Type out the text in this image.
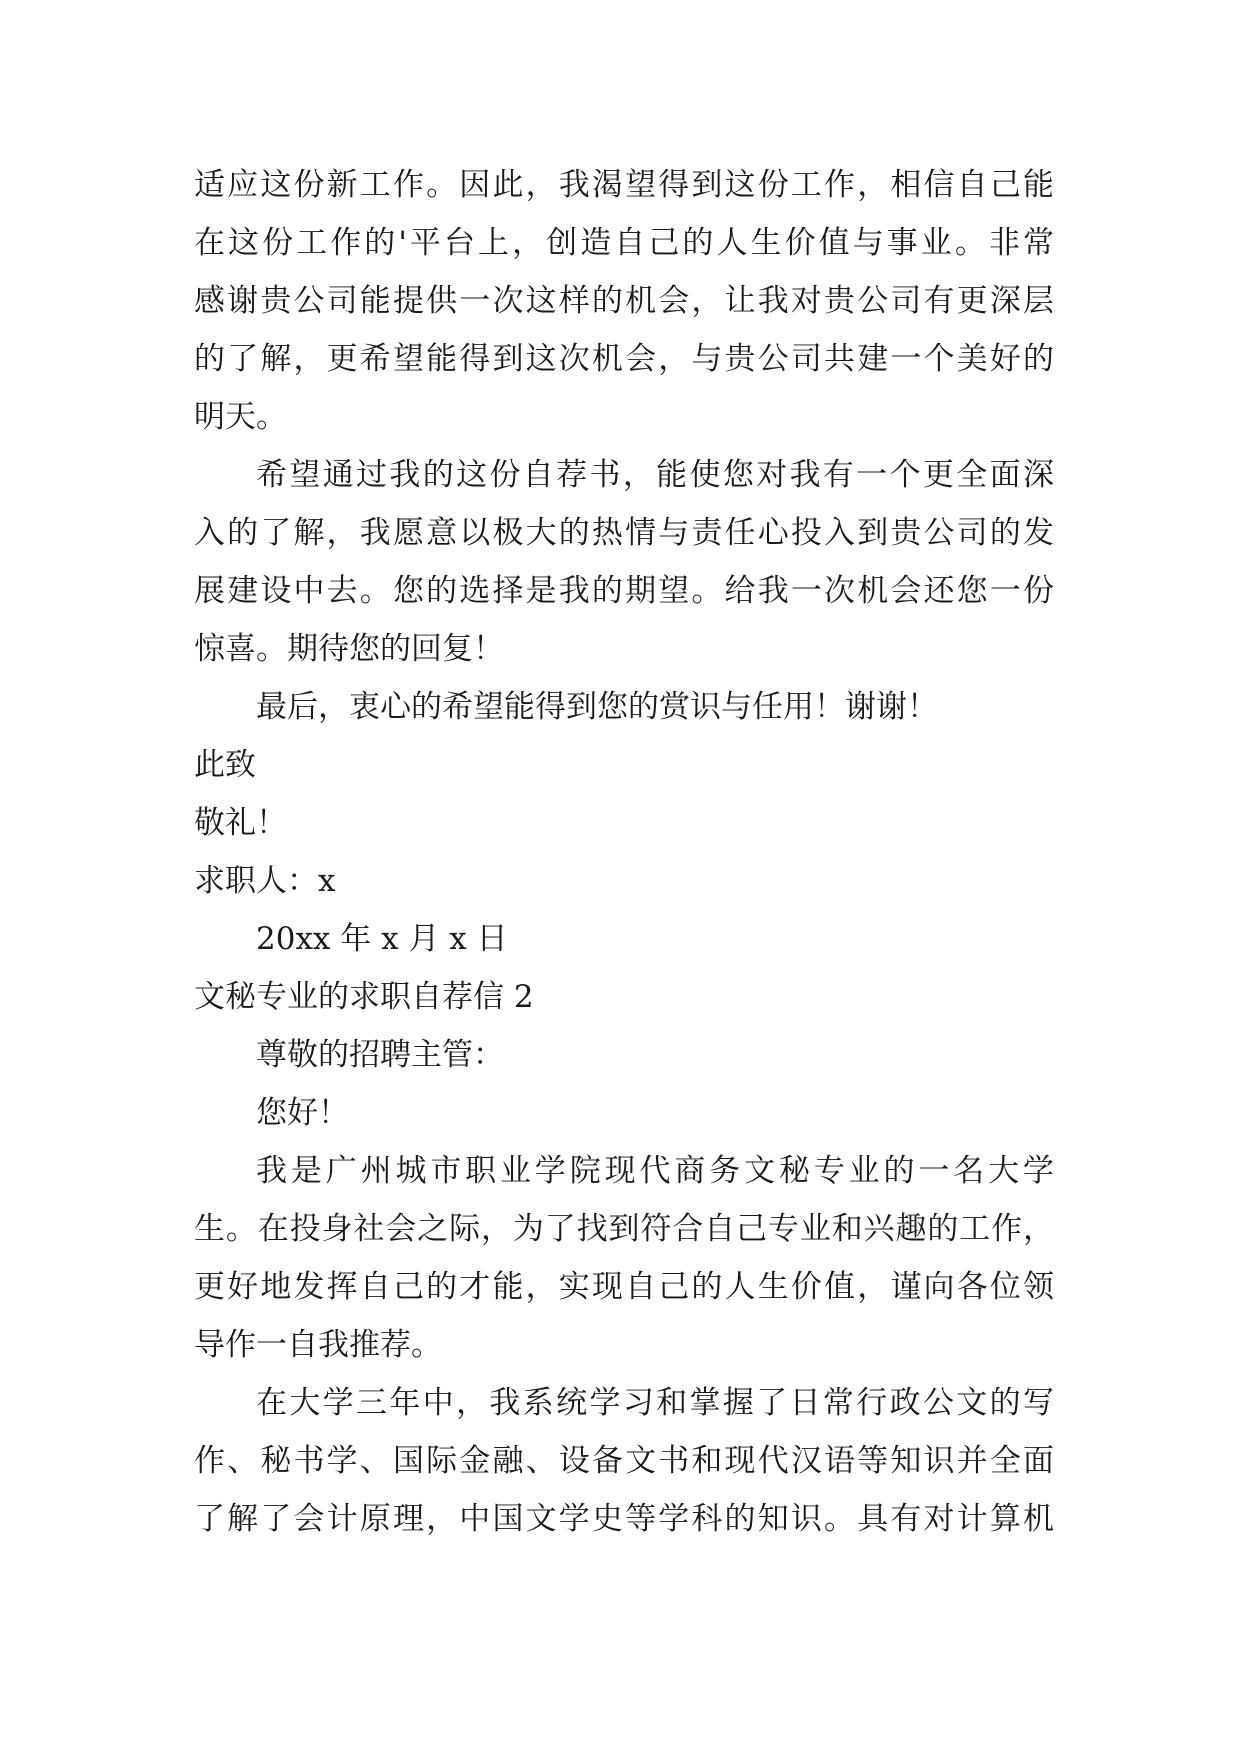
适应这份新工作。因此，我渴望得到这份工作，相信自己能
在这份工作的'平台上，创造自己的人生价值与事业。非常
感谢贵公司能提供一次这样的机会，让我对贵公司有更深层
的了解，更希望能得到这次机会，与贵公司共建一个美好的
明天。
希望通过我的这份自荐书，能使您对我有一个更全面深
入的了解，我愿意以极大的热情与责任心投入到贵公司的发
展建设中去。您的选择是我的期望。给我一次机会还您一份
惊喜。期待您的回复！
最后，衷心的希望能得到您的赏识与任用！谢谢！
此致
敬礼！
求职人：x
20xx 年 x 月 x 日
文秘专业的求职自荐信 2
尊敬的招聘主管：
您好！
我是广州城市职业学院现代商务文秘专业的一名大学
生。在投身社会之际，为了找到符合自己专业和兴趣的工作，
更好地发挥自己的才能，实现自己的人生价值，谨向各位领
导作一自我推荐。
在大学三年中，我系统学习和掌握了日常行政公文的写
作、秘书学、国际金融、设备文书和现代汉语等知识并全面
了解了会计原理，中国文学史等学科的知识。具有对计算机
